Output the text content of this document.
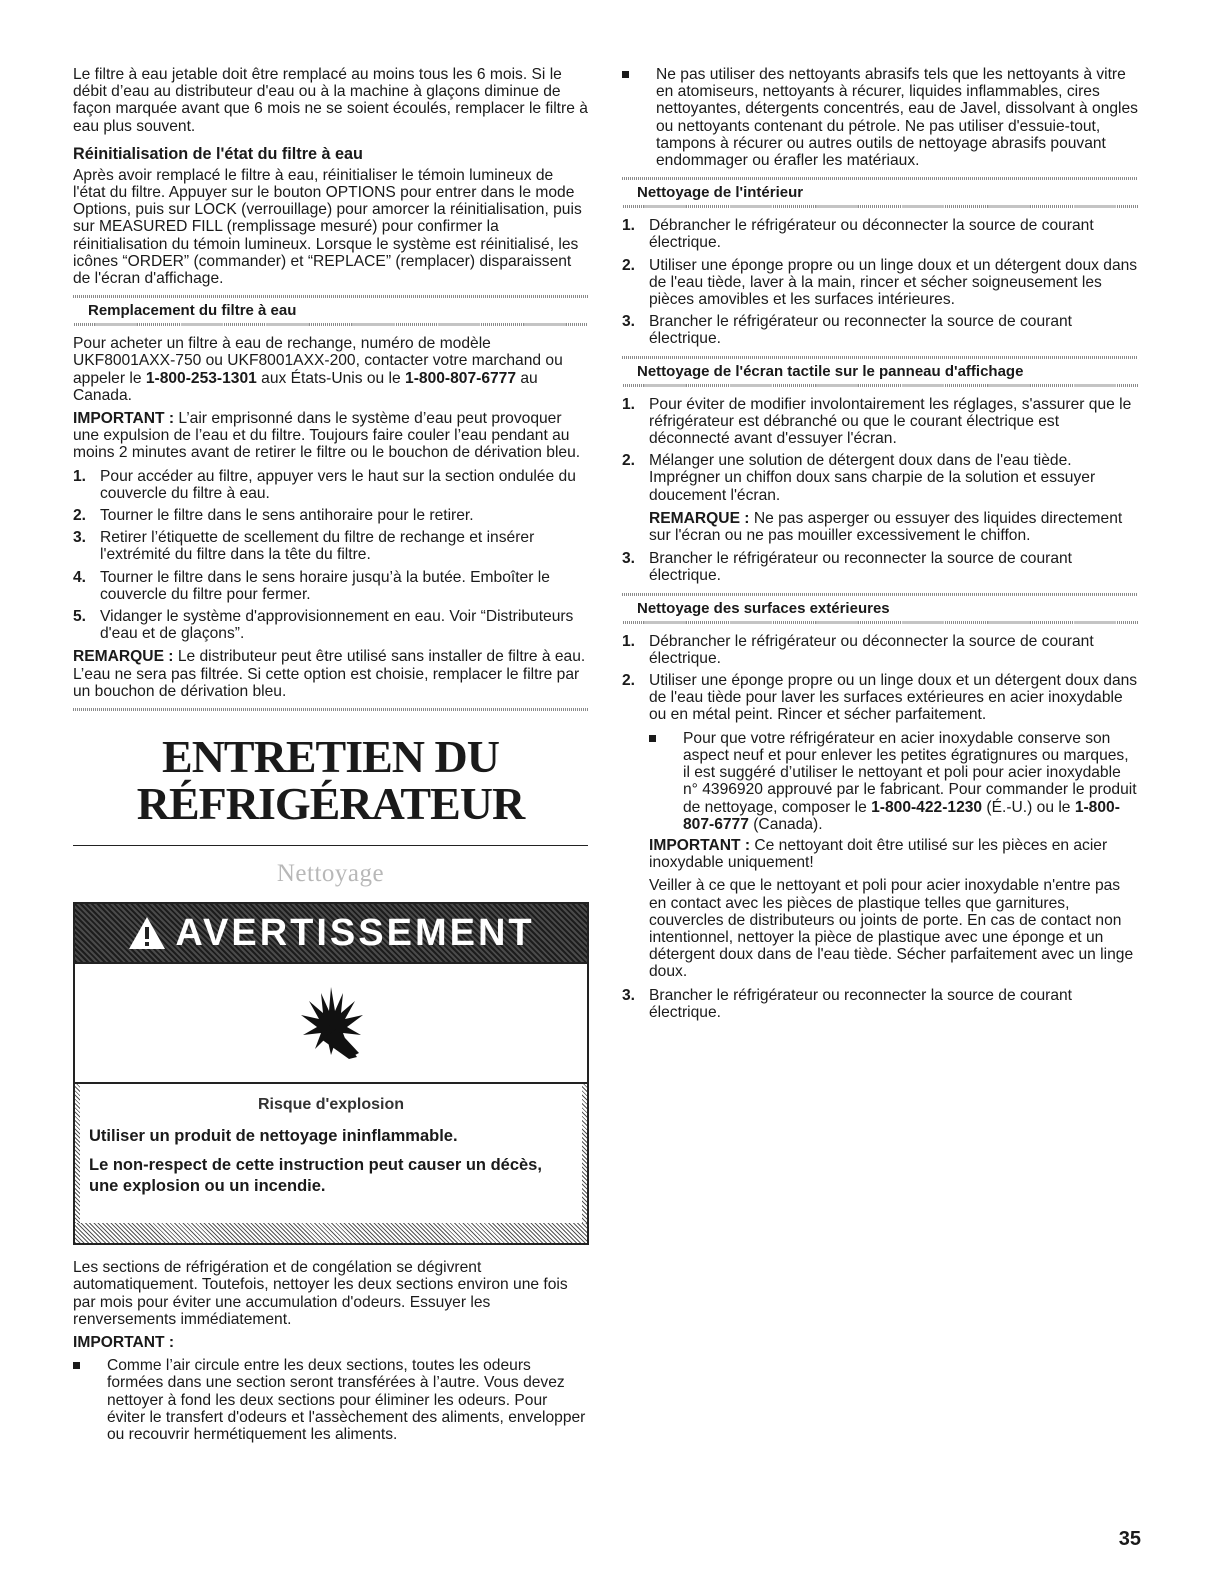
Le filtre à eau jetable doit être remplacé au moins tous les 6 mois. Si le débit d’eau au distributeur d'eau ou à la machine à glaçons diminue de façon marquée avant que 6 mois ne se soient écoulés, remplacer le filtre à eau plus souvent.

Réinitialisation de l'état du filtre à eau

Après avoir remplacé le filtre à eau, réinitialiser le témoin lumineux de l'état du filtre. Appuyer sur le bouton OPTIONS pour entrer dans le mode Options, puis sur LOCK (verrouillage) pour amorcer la réinitialisation, puis sur MEASURED FILL (remplissage mesuré) pour confirmer la réinitialisation du témoin lumineux. Lorsque le système est réinitialisé, les icônes “ORDER” (commander) et “REPLACE” (remplacer) disparaissent de l'écran d'affichage.

Remplacement du filtre à eau

Pour acheter un filtre à eau de rechange, numéro de modèle UKF8001AXX-750 ou UKF8001AXX-200, contacter votre marchand ou appeler le 1-800-253-1301 aux États-Unis ou le 1-800-807-6777 au Canada.

IMPORTANT : L’air emprisonné dans le système d’eau peut provoquer une expulsion de l’eau et du filtre. Toujours faire couler l’eau pendant au moins 2 minutes avant de retirer le filtre ou le bouchon de dérivation bleu.

1. Pour accéder au filtre, appuyer vers le haut sur la section ondulée du couvercle du filtre à eau.
2. Tourner le filtre dans le sens antihoraire pour le retirer.
3. Retirer l’étiquette de scellement du filtre de rechange et insérer l'extrémité du filtre dans la tête du filtre.
4. Tourner le filtre dans le sens horaire jusqu’à la butée. Emboîter le couvercle du filtre pour fermer.
5. Vidanger le système d'approvisionnement en eau. Voir “Distributeurs d'eau et de glaçons”.

REMARQUE : Le distributeur peut être utilisé sans installer de filtre à eau. L’eau ne sera pas filtrée. Si cette option est choisie, remplacer le filtre par un bouchon de dérivation bleu.

ENTRETIEN DU
RÉFRIGÉRATEUR
Nettoyage
AVERTISSEMENT
Risque d'explosion
Utiliser un produit de nettoyage ininflammable.
Le non-respect de cette instruction peut causer un décès, une explosion ou un incendie.

Les sections de réfrigération et de congélation se dégivrent automatiquement. Toutefois, nettoyer les deux sections environ une fois par mois pour éviter une accumulation d'odeurs. Essuyer les renversements immédiatement.

IMPORTANT :

Comme l’air circule entre les deux sections, toutes les odeurs formées dans une section seront transférées à l’autre. Vous devez nettoyer à fond les deux sections pour éliminer les odeurs. Pour éviter le transfert d'odeurs et l'assèchement des aliments, envelopper ou recouvrir hermétiquement les aliments.
Ne pas utiliser des nettoyants abrasifs tels que les nettoyants à vitre en atomiseurs, nettoyants à récurer, liquides inflammables, cires nettoyantes, détergents concentrés, eau de Javel, dissolvant à ongles ou nettoyants contenant du pétrole. Ne pas utiliser d'essuie-tout, tampons à récurer ou autres outils de nettoyage abrasifs pouvant endommager ou érafler les matériaux.
Nettoyage de l'intérieur
1. Débrancher le réfrigérateur ou déconnecter la source de courant électrique.
2. Utiliser une éponge propre ou un linge doux et un détergent doux dans de l'eau tiède, laver à la main, rincer et sécher soigneusement les pièces amovibles et les surfaces intérieures.
3. Brancher le réfrigérateur ou reconnecter la source de courant électrique.
Nettoyage de l'écran tactile sur le panneau d'affichage
1. Pour éviter de modifier involontairement les réglages, s'assurer que le réfrigérateur est débranché ou que le courant électrique est déconnecté avant d'essuyer l'écran.
2. Mélanger une solution de détergent doux dans de l'eau tiède. Imprégner un chiffon doux sans charpie de la solution et essuyer doucement l'écran.

REMARQUE : Ne pas asperger ou essuyer des liquides directement sur l'écran ou ne pas mouiller excessivement le chiffon.

3. Brancher le réfrigérateur ou reconnecter la source de courant électrique.
Nettoyage des surfaces extérieures
1. Débrancher le réfrigérateur ou déconnecter la source de courant électrique.
2. Utiliser une éponge propre ou un linge doux et un détergent doux dans de l'eau tiède pour laver les surfaces extérieures en acier inoxydable ou en métal peint. Rincer et sécher parfaitement.
Pour que votre réfrigérateur en acier inoxydable conserve son aspect neuf et pour enlever les petites égratignures ou marques, il est suggéré d’utiliser le nettoyant et poli pour acier inoxydable n° 4396920 approuvé par le fabricant. Pour commander le produit de nettoyage, composer le 1-800-422-1230 (É.-U.) ou le 1-800-807-6777 (Canada).

IMPORTANT : Ce nettoyant doit être utilisé sur les pièces en acier inoxydable uniquement!

Veiller à ce que le nettoyant et poli pour acier inoxydable n'entre pas en contact avec les pièces de plastique telles que garnitures, couvercles de distributeurs ou joints de porte. En cas de contact non intentionnel, nettoyer la pièce de plastique avec une éponge et un détergent doux dans de l'eau tiède. Sécher parfaitement avec un linge doux.

3. Brancher le réfrigérateur ou reconnecter la source de courant électrique.
35
